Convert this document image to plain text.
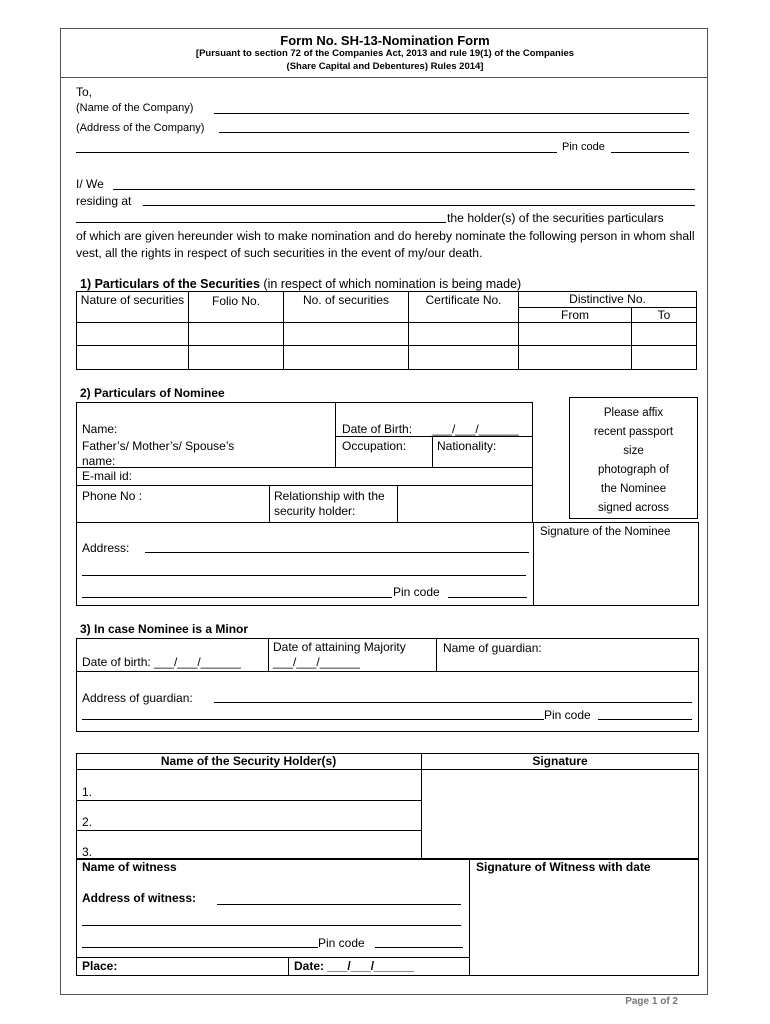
Form No. SH-13-Nomination Form
[Pursuant to section 72 of the Companies Act, 2013 and rule 19(1) of the Companies
(Share Capital and Debentures) Rules 2014]
To,
(Name of the Company)
(Address of the Company)
Pin code
I/ We
residing at
the holder(s) of the securities particulars
of which are given hereunder wish to make nomination and do hereby nominate the following person in whom shall vest, all the rights in respect of such securities in the event of my/our death.
1) Particulars of the Securities (in respect of which nomination is being made)
Nature of securities	Folio No.	No. of securities	Certificate No.	Distinctive No.	
				From	To

2) Particulars of Nominee
Name:	Date of Birth: ___/___/______
Father’s/ Mother’s/ Spouse’s name:
Occupation:	Nationality:
E-mail id:
Phone No :	Relationship with the security holder:
Address:
Pin code
Signature of the Nominee
Please affix recent passport size photograph of the Nominee signed across
3) In case Nominee is a Minor
Date of birth: ___/___/______
Date of attaining Majority
___/___/______
Name of guardian:
Address of guardian:
Pin code
Name of the Security Holder(s)	Signature
1.
2.
3.
Name of witness	Signature of Witness with date
Address of witness:
Pin code
Place:	Date: ___/___/______
Page 1 of 2
